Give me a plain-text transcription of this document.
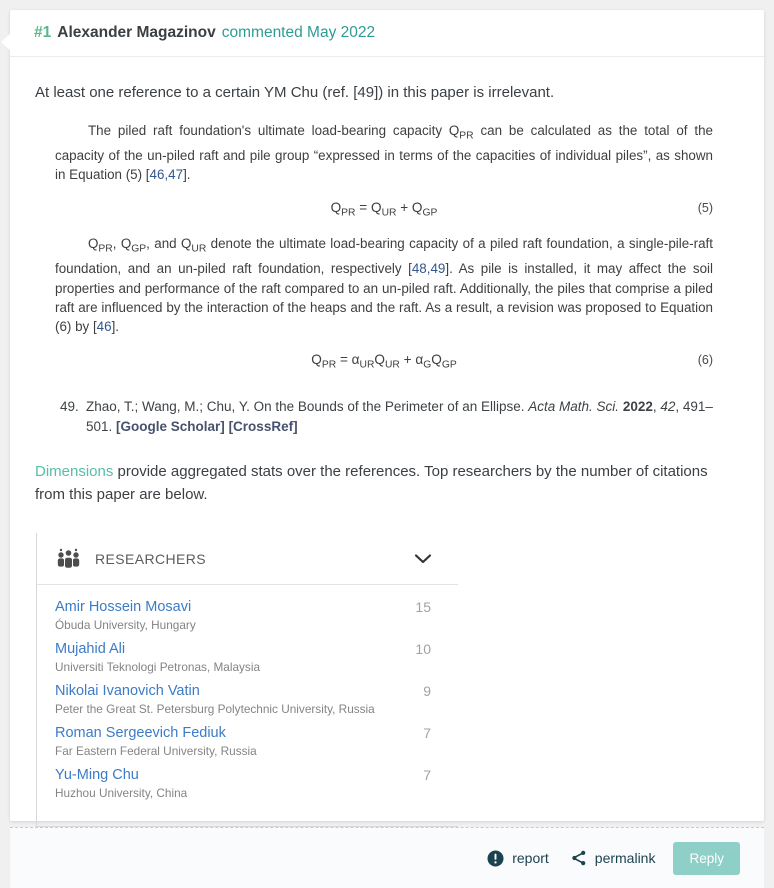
#1 Alexander Magazinov commented May 2022

At least one reference to a certain YM Chu (ref. [49]) in this paper is irrelevant.

The piled raft foundation's ultimate load-bearing capacity $Q_{PR}$ can be calculated as the total of the capacity of the un-piled raft and pile group “expressed in terms of the capacities of individual piles”, as shown in Equation (5) [46,47].

$Q_{PR} = Q_{UR} + Q_{GP}$	(5)

$Q_{PR}$, $Q_{GP}$, and $Q_{UR}$ denote the ultimate load-bearing capacity of a piled raft foundation, a single-pile-raft foundation, and an un-piled raft foundation, respectively [48,49]. As pile is installed, it may affect the soil properties and performance of the raft compared to an un-piled raft. Additionally, the piles that comprise a piled raft are influenced by the interaction of the heaps and the raft. As a result, a revision was proposed to Equation (6) by [46].

$Q_{PR} = \alpha_{UR}Q_{UR} + \alpha_GQ_{GP}$	(6)
49. Zhao, T.; Wang, M.; Chu, Y. On the Bounds of the Perimeter of an Ellipse. Acta Math. Sci. 2022, 42, 491–501. [Google Scholar] [CrossRef]

Dimensions provide aggregated stats over the references. Top researchers by the number of citations from this paper are below.

RESEARCHERS
Amir Hossein Mosavi
Óbuda University, Hungary
15
Mujahid Ali
Universiti Teknologi Petronas, Malaysia
10
Nikolai Ivanovich Vatin
Peter the Great St. Petersburg Polytechnic University, Russia
9
Roman Sergeevich Fediuk
Far Eastern Federal University, Russia
7
Yu-Ming Chu
Huzhou University, China
7
report	permalink	Reply
